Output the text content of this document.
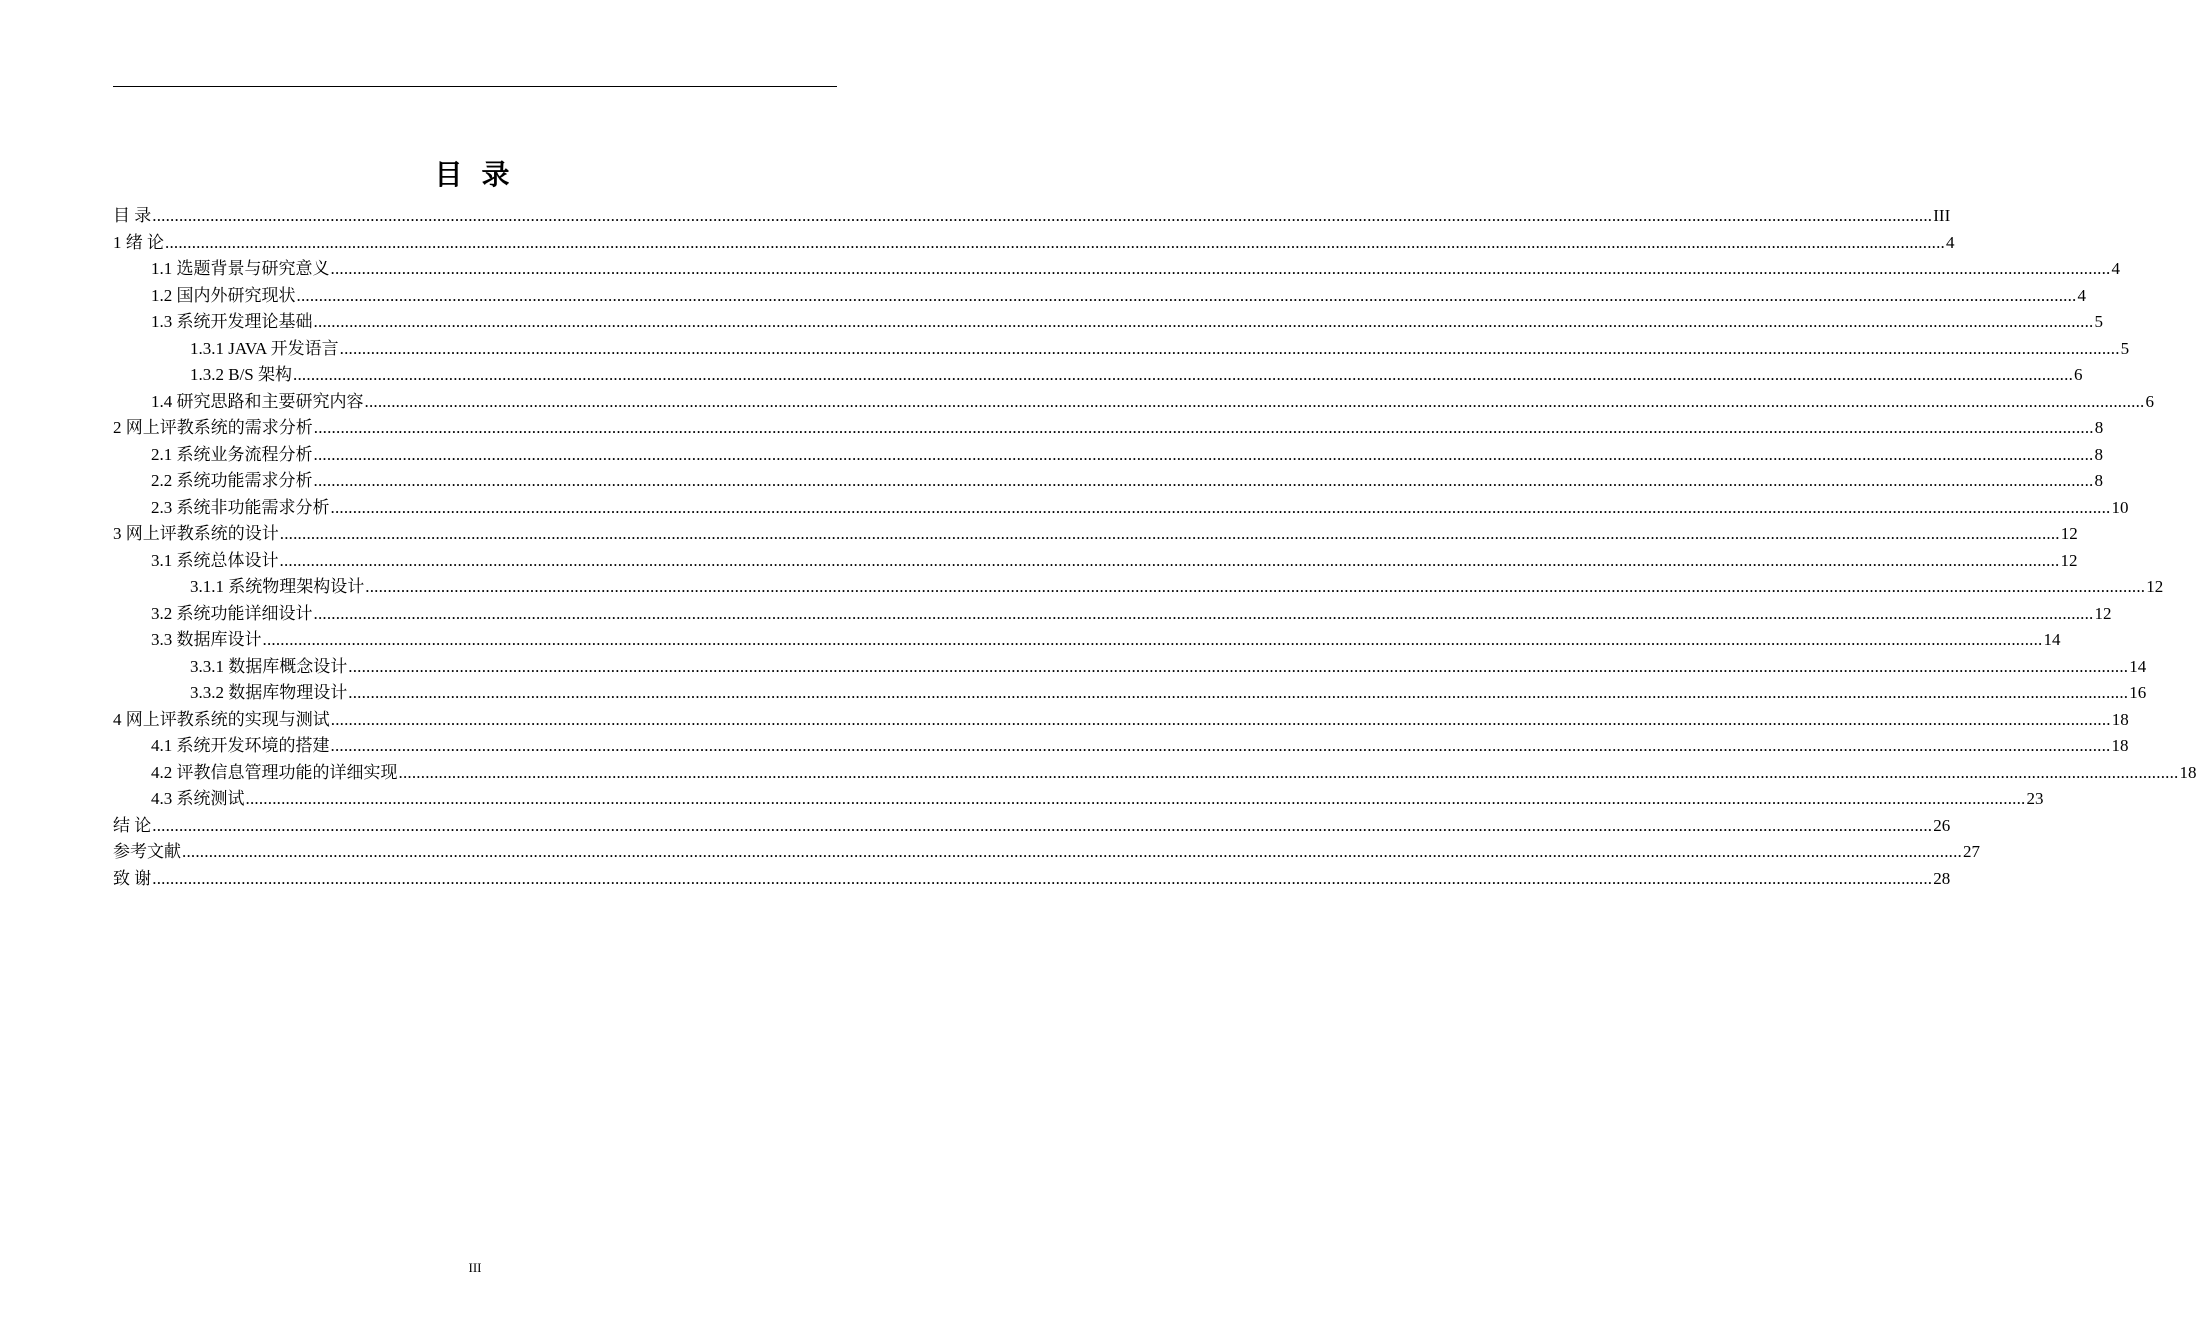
目 录
目 录 ................................................................................................................................................................................................................................................................................................................................................................................................................ III
1 绪 论 ................................................................................................................................................................................................................................................................................................................................................................................................................ 4
1.1 选题背景与研究意义 ................................................................................................................................................................................................................................................................................................................................................................................................................ 4
1.2 国内外研究现状 ................................................................................................................................................................................................................................................................................................................................................................................................................ 4
1.3 系统开发理论基础 ................................................................................................................................................................................................................................................................................................................................................................................................................ 5
1.3.1 JAVA 开发语言 ................................................................................................................................................................................................................................................................................................................................................................................................................ 5
1.3.2 B/S 架构 ................................................................................................................................................................................................................................................................................................................................................................................................................ 6
1.4 研究思路和主要研究内容 ................................................................................................................................................................................................................................................................................................................................................................................................................ 6
2 网上评教系统的需求分析 ................................................................................................................................................................................................................................................................................................................................................................................................................ 8
2.1 系统业务流程分析 ................................................................................................................................................................................................................................................................................................................................................................................................................ 8
2.2 系统功能需求分析 ................................................................................................................................................................................................................................................................................................................................................................................................................ 8
2.3 系统非功能需求分析 ................................................................................................................................................................................................................................................................................................................................................................................................................ 10
3 网上评教系统的设计 ................................................................................................................................................................................................................................................................................................................................................................................................................ 12
3.1 系统总体设计 ................................................................................................................................................................................................................................................................................................................................................................................................................ 12
3.1.1 系统物理架构设计 ................................................................................................................................................................................................................................................................................................................................................................................................................ 12
3.2 系统功能详细设计 ................................................................................................................................................................................................................................................................................................................................................................................................................ 12
3.3 数据库设计 ................................................................................................................................................................................................................................................................................................................................................................................................................ 14
3.3.1 数据库概念设计 ................................................................................................................................................................................................................................................................................................................................................................................................................ 14
3.3.2 数据库物理设计 ................................................................................................................................................................................................................................................................................................................................................................................................................ 16
4 网上评教系统的实现与测试 ................................................................................................................................................................................................................................................................................................................................................................................................................ 18
4.1 系统开发环境的搭建 ................................................................................................................................................................................................................................................................................................................................................................................................................ 18
4.2 评教信息管理功能的详细实现 ................................................................................................................................................................................................................................................................................................................................................................................................................ 18
4.3 系统测试 ................................................................................................................................................................................................................................................................................................................................................................................................................ 23
结 论 ................................................................................................................................................................................................................................................................................................................................................................................................................ 26
参考文献 ................................................................................................................................................................................................................................................................................................................................................................................................................ 27
致 谢 ................................................................................................................................................................................................................................................................................................................................................................................................................ 28
III
